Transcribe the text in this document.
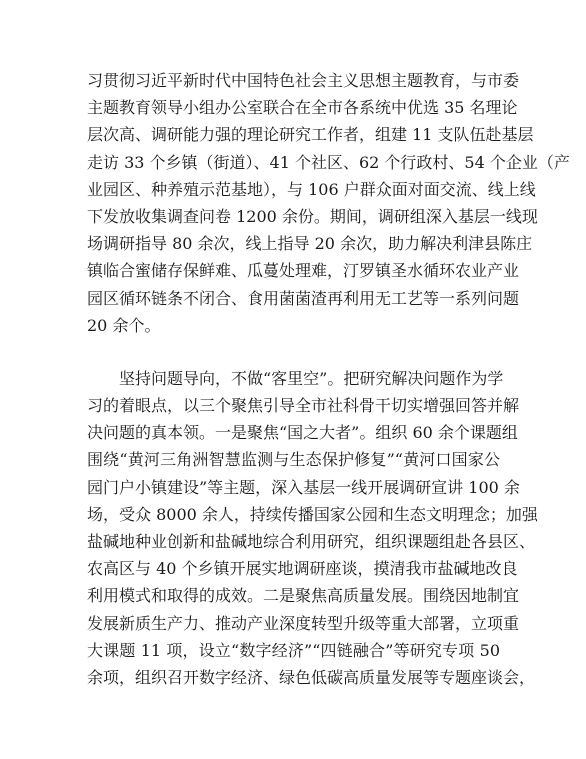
习贯彻习近平新时代中国特色社会主义思想主题教育，与市委
主题教育领导小组办公室联合在全市各系统中优选 35 名理论
层次高、调研能力强的理论研究工作者，组建 11 支队伍赴基层
走访 33 个乡镇（街道）、41 个社区、62 个行政村、54 个企业（产
业园区、种养殖示范基地），与 106 户群众面对面交流、线上线
下发放收集调查问卷 1200 余份。期间，调研组深入基层一线现
场调研指导 80 余次，线上指导 20 余次，助力解决利津县陈庄
镇临合蜜储存保鲜难、瓜蔓处理难，汀罗镇圣水循环农业产业
园区循环链条不闭合、食用菌菌渣再利用无工艺等一系列问题
20 余个。
坚持问题导向，不做“客里空”。把研究解决问题作为学
习的着眼点，以三个聚焦引导全市社科骨干切实增强回答并解
决问题的真本领。一是聚焦“国之大者”。组织 60 余个课题组
围绕“黄河三角洲智慧监测与生态保护修复”“黄河口国家公
园门户小镇建设”等主题，深入基层一线开展调研宣讲 100 余
场，受众 8000 余人，持续传播国家公园和生态文明理念；加强
盐碱地种业创新和盐碱地综合利用研究，组织课题组赴各县区、
农高区与 40 个乡镇开展实地调研座谈，摸清我市盐碱地改良
利用模式和取得的成效。二是聚焦高质量发展。围绕因地制宜
发展新质生产力、推动产业深度转型升级等重大部署，立项重
大课题 11 项，设立“数字经济”“四链融合”等研究专项 50
余项，组织召开数字经济、绿色低碳高质量发展等专题座谈会，
